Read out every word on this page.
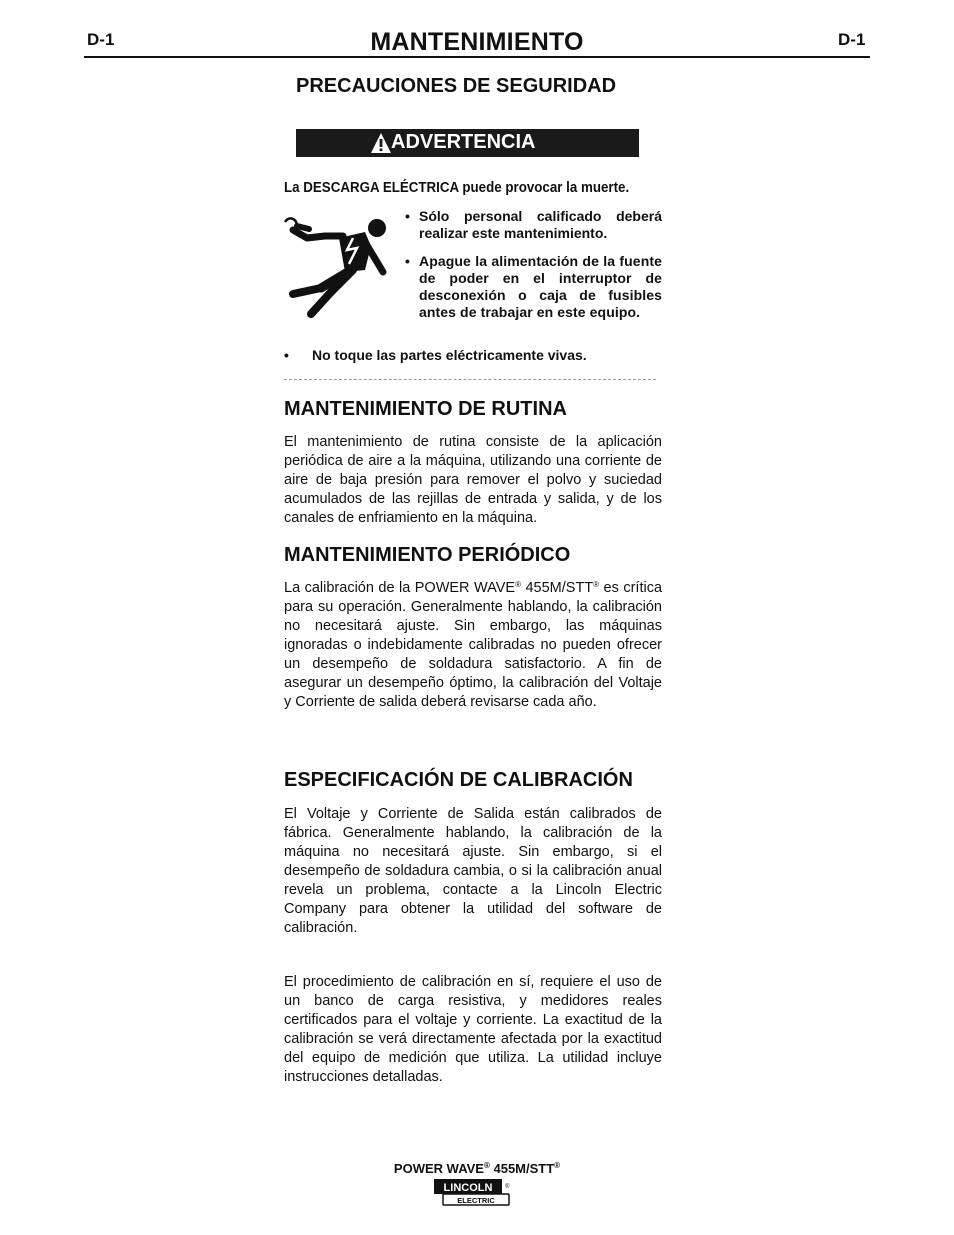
D-1	MANTENIMIENTO	D-1
PRECAUCIONES DE SEGURIDAD
ADVERTENCIA
La DESCARGA ELÉCTRICA puede provocar la muerte.
• Sólo personal calificado deberá realizar este mantenimiento.
• Apague la alimentación de la fuente de poder en el interruptor de desconexión o caja de fusibles antes de trabajar en este equipo.
• No toque las partes eléctricamente vivas.
MANTENIMIENTO DE RUTINA
El mantenimiento de rutina consiste de la aplicación periódica de aire a la máquina, utilizando una corriente de aire de baja presión para remover el polvo y suciedad acumulados de las rejillas de entrada y salida, y de los canales de enfriamiento en la máquina.
MANTENIMIENTO PERIÓDICO
La calibración de la POWER WAVE® 455M/STT® es crítica para su operación. Generalmente hablando, la calibración no necesitará ajuste. Sin embargo, las máquinas ignoradas o indebidamente calibradas no pueden ofrecer un desempeño de soldadura satisfactorio. A fin de asegurar un desempeño óptimo, la calibración del Voltaje y Corriente de salida deberá revisarse cada año.
ESPECIFICACIÓN DE CALIBRACIÓN
El Voltaje y Corriente de Salida están calibrados de fábrica. Generalmente hablando, la calibración de la máquina no necesitará ajuste. Sin embargo, si el desempeño de soldadura cambia, o si la calibración anual revela un problema, contacte a la Lincoln Electric Company para obtener la utilidad del software de calibración.
El procedimiento de calibración en sí, requiere el uso de un banco de carga resistiva, y medidores reales certificados para el voltaje y corriente. La exactitud de la calibración se verá directamente afectada por la exactitud del equipo de medición que utiliza. La utilidad incluye instrucciones detalladas.
POWER WAVE® 455M/STT®
LINCOLN ®
ELECTRIC
